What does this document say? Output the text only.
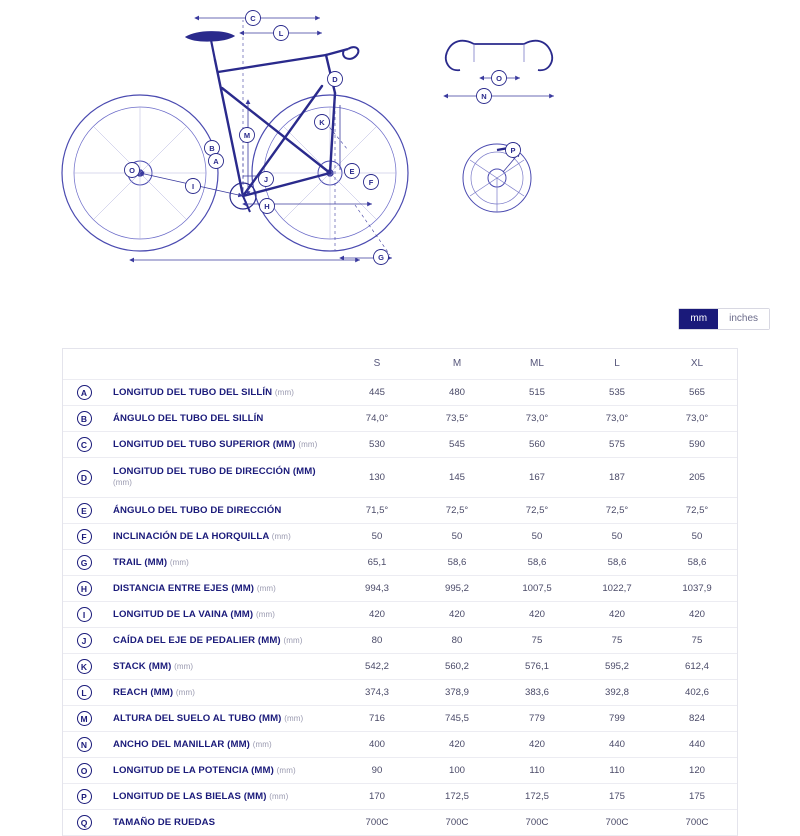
C
L
D
M
K
B
A
O
I
J
E
F
H
G
O
N
P
mm	inches
		S	M	ML	L	XL
A	LONGITUD DEL TUBO DEL SILLÍN (mm)	445	480	515	535	565
B	ÁNGULO DEL TUBO DEL SILLÍN	74,0°	73,5°	73,0°	73,0°	73,0°
C	LONGITUD DEL TUBO SUPERIOR (MM) (mm)	530	545	560	575	590
D	LONGITUD DEL TUBO DE DIRECCIÓN (MM) (mm)	130	145	167	187	205
E	ÁNGULO DEL TUBO DE DIRECCIÓN	71,5°	72,5°	72,5°	72,5°	72,5°
F	INCLINACIÓN DE LA HORQUILLA (mm)	50	50	50	50	50
G	TRAIL (MM) (mm)	65,1	58,6	58,6	58,6	58,6
H	DISTANCIA ENTRE EJES (MM) (mm)	994,3	995,2	1007,5	1022,7	1037,9
I	LONGITUD DE LA VAINA (MM) (mm)	420	420	420	420	420
J	CAÍDA DEL EJE DE PEDALIER (MM) (mm)	80	80	75	75	75
K	STACK (MM) (mm)	542,2	560,2	576,1	595,2	612,4
L	REACH (MM) (mm)	374,3	378,9	383,6	392,8	402,6
M	ALTURA DEL SUELO AL TUBO (MM) (mm)	716	745,5	779	799	824
N	ANCHO DEL MANILLAR (MM) (mm)	400	420	420	440	440
O	LONGITUD DE LA POTENCIA (MM) (mm)	90	100	110	110	120
P	LONGITUD DE LAS BIELAS (MM) (mm)	170	172,5	172,5	175	175
Q	TAMAÑO DE RUEDAS	700C	700C	700C	700C	700C
